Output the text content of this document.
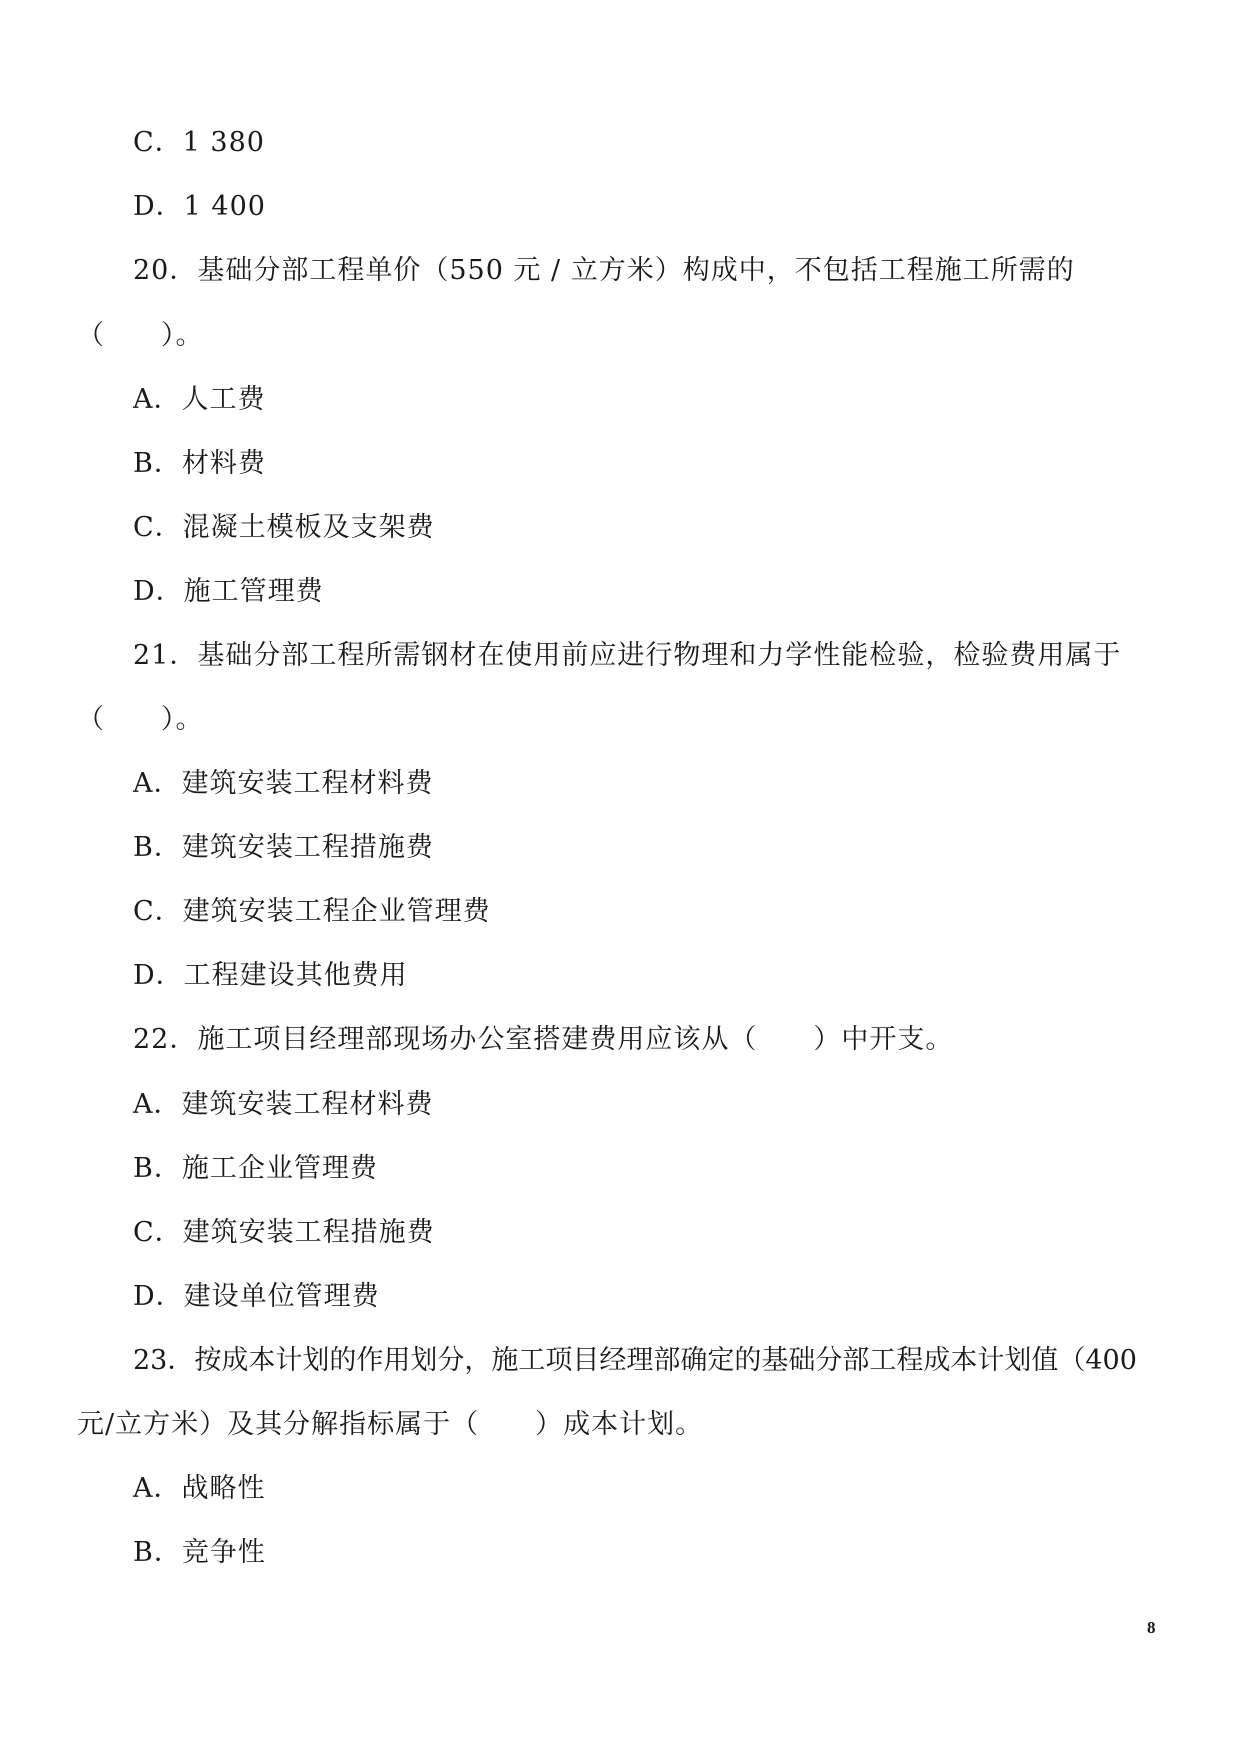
C．1 380
D．1 400
20．基础分部工程单价（550 元 / 立方米）构成中，不包括工程施工所需的
（　　）。
A．人工费
B．材料费
C．混凝土模板及支架费
D．施工管理费
21．基础分部工程所需钢材在使用前应进行物理和力学性能检验，检验费用属于
（　　）。
A．建筑安装工程材料费
B．建筑安装工程措施费
C．建筑安装工程企业管理费
D．工程建设其他费用
22．施工项目经理部现场办公室搭建费用应该从（　　）中开支。
A．建筑安装工程材料费
B．施工企业管理费
C．建筑安装工程措施费
D．建设单位管理费
23．按成本计划的作用划分，施工项目经理部确定的基础分部工程成本计划值（400
元/立方米）及其分解指标属于（　　）成本计划。
A．战略性
B．竞争性
8
